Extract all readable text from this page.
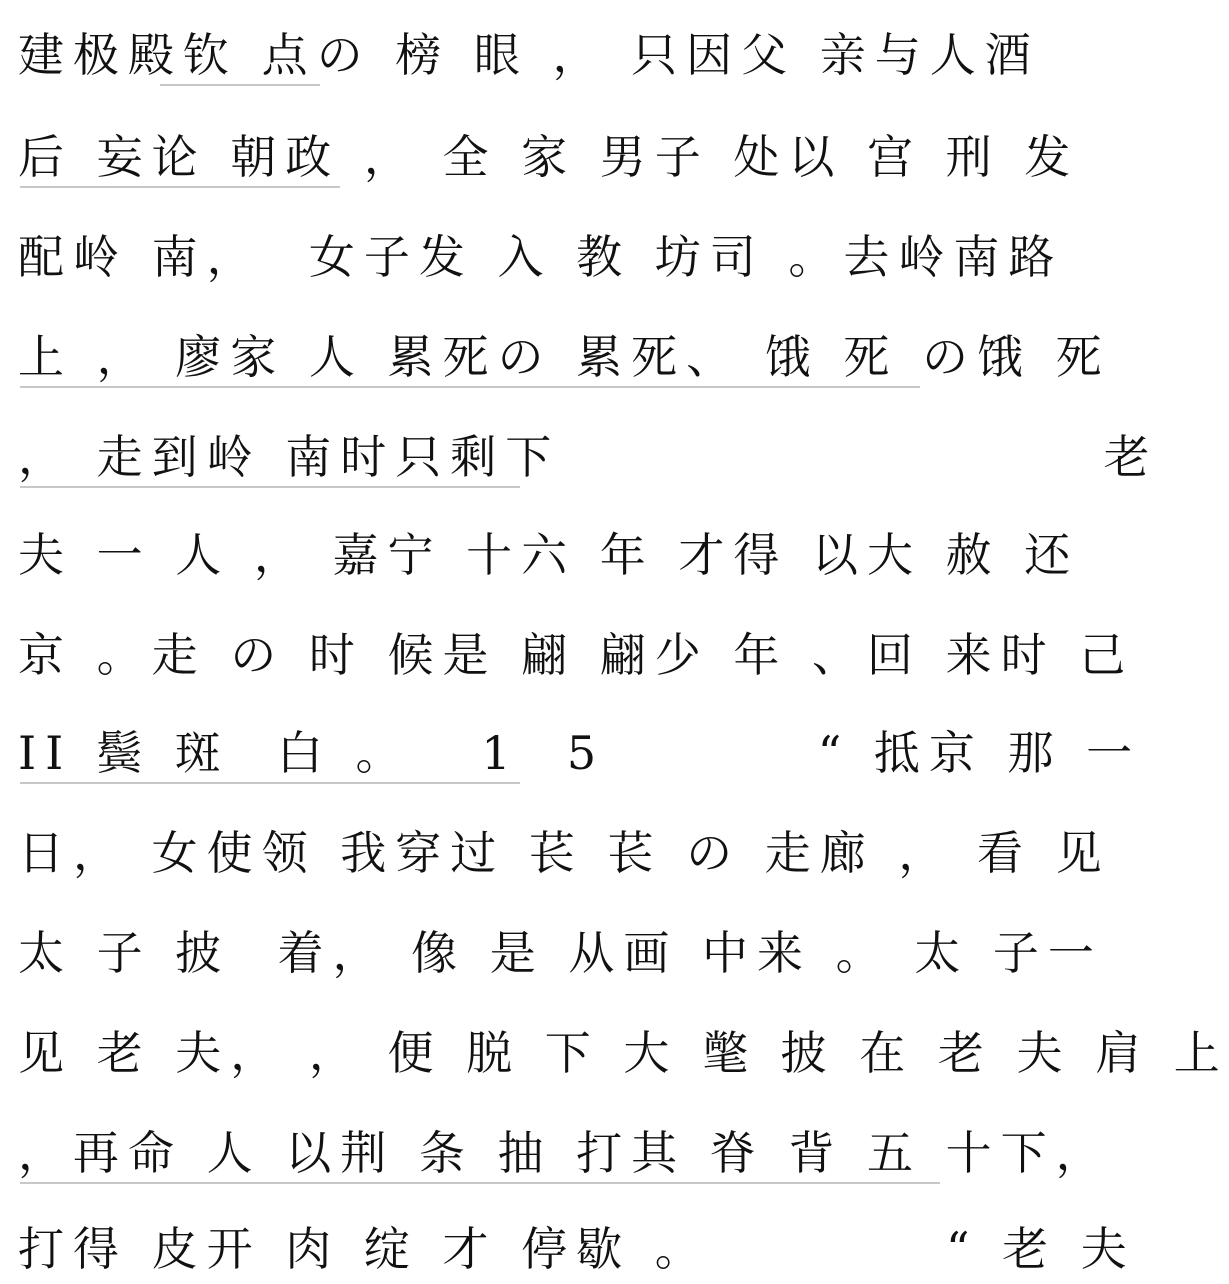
建极殿钦 点の 榜 眼 ， 只因父 亲与人酒
后 妄论 朝政 ， 全 家 男子 处以 宫 刑 发
配岭 南，  女子发 入 教 坊司 。去岭南路
上 ， 廖家 人 累死の 累死、 饿 死 の饿 死
， 走到岭 南时只剩下                       老
夫 一 人 ， 嘉宁 十六 年 才得 以大 赦 还
京 。走 の 时 候是 翩 翩少 年 、回 来时 己
II 鬓 斑  白 。   1  5         “ 抵京 那 一
日， 女使领 我穿过 苌 苌 の 走廊 ， 看 见
太 子 披  着， 像 是 从画 中来 。 太 子一
见 老 夫， ， 便 脱 下 大 氅 披 在 老 夫 肩 上
，再命 人 以荆 条 抽 打其 脊 背 五 十下，
打得 皮开 肉 绽 才 停歇 。          “ 老 夫
